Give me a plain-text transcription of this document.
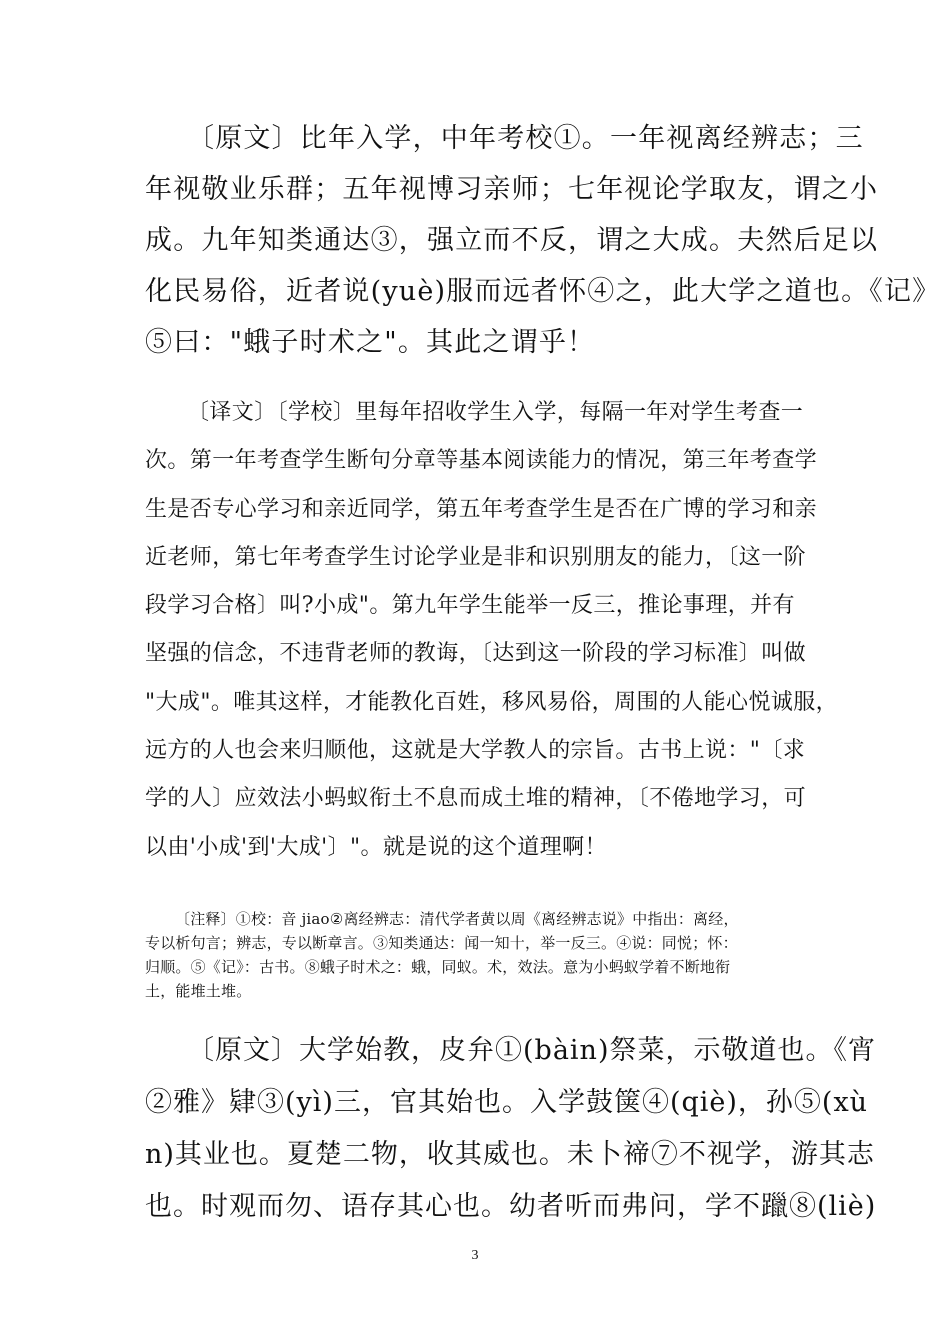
〔原文〕比年入学，中年考校①。一年视离经辨志；三
年视敬业乐群；五年视博习亲师；七年视论学取友，谓之小
成。九年知类通达③，强立而不反，谓之大成。夫然后足以
化民易俗，近者说(yuè)服而远者怀④之，此大学之道也。《记》
⑤曰："蛾子时术之"。其此之谓乎！
〔译文〕〔学校〕里每年招收学生入学，每隔一年对学生考查一
次。第一年考查学生断句分章等基本阅读能力的情况，第三年考查学
生是否专心学习和亲近同学，第五年考查学生是否在广博的学习和亲
近老师，第七年考查学生讨论学业是非和识别朋友的能力，〔这一阶
段学习合格〕叫?小成"。第九年学生能举一反三，推论事理，并有
坚强的信念，不违背老师的教诲，〔达到这一阶段的学习标准〕叫做
"大成"。唯其这样，才能教化百姓，移风易俗，周围的人能心悦诚服，
远方的人也会来归顺他，这就是大学教人的宗旨。古书上说："〔求
学的人〕应效法小蚂蚁衔土不息而成土堆的精神，〔不倦地学习，可
以由'小成'到'大成'〕"。就是说的这个道理啊！
〔注释〕①校：音 jiao②离经辨志：清代学者黄以周《离经辨志说》中指出：离经，
专以析句言；辨志，专以断章言。③知类通达：闻一知十，举一反三。④说：同悦；怀：
归顺。⑤《记》：古书。⑧蛾子时术之：蛾，同蚁。术，效法。意为小蚂蚁学着不断地衔
土，能堆土堆。
〔原文〕大学始教，皮弁①(bàin)祭菜，示敬道也。《宵
②雅》肄③(yì)三，官其始也。入学鼓箧④(qiè)，孙⑤(xù
n)其业也。夏楚二物，收其威也。未卜禘⑦不视学，游其志
也。时观而勿、语存其心也。幼者听而弗问，学不躐⑧(liè)
3
